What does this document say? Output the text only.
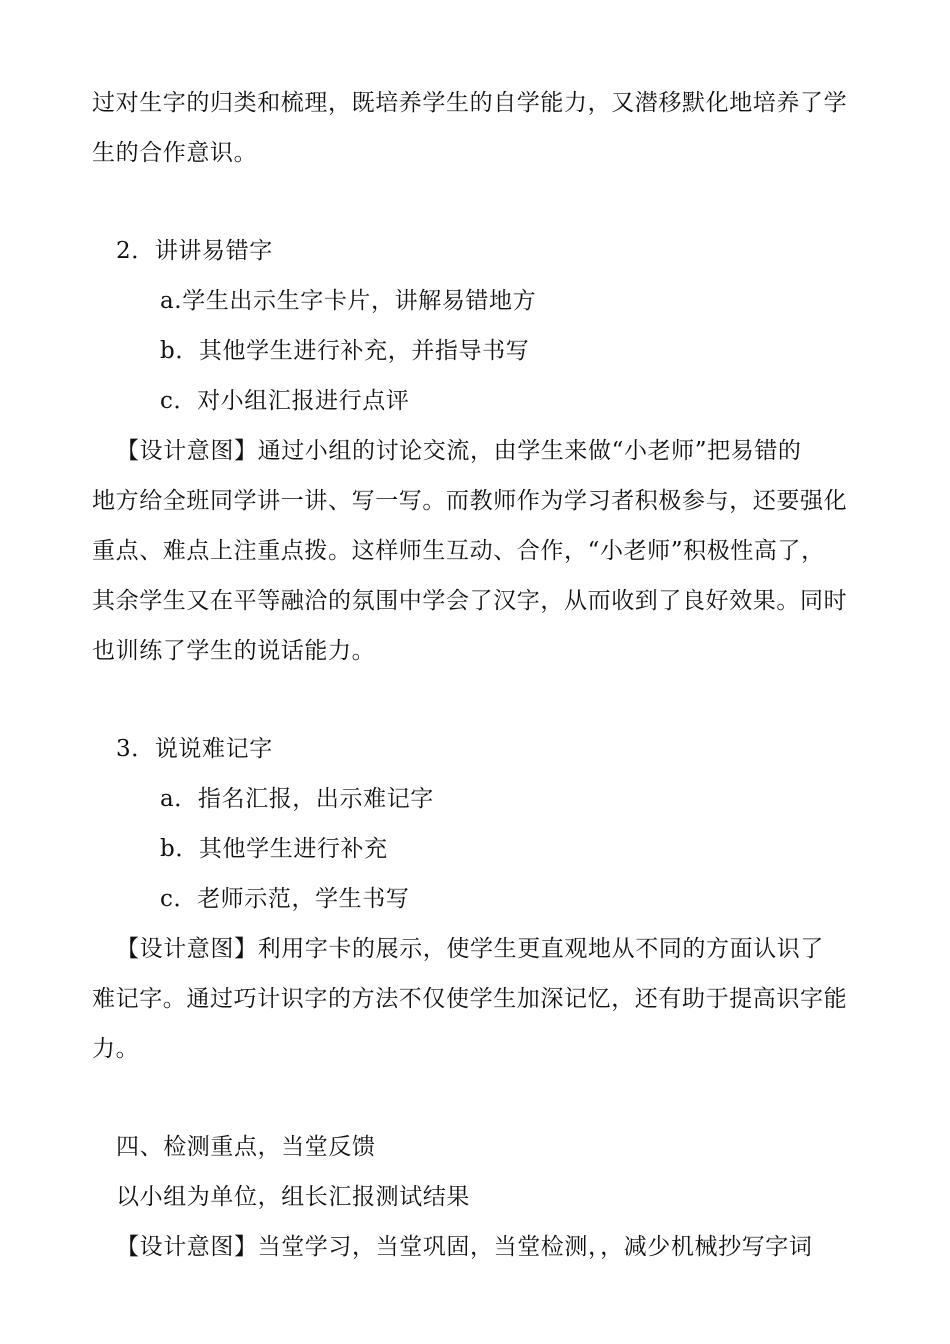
过对生字的归类和梳理，既培养学生的自学能力，又潜移默化地培养了学
生的合作意识。
2．讲讲易错字
a.学生出示生字卡片，讲解易错地方
b．其他学生进行补充，并指导书写
c．对小组汇报进行点评
【设计意图】通过小组的讨论交流，由学生来做“小老师”把易错的
地方给全班同学讲一讲、写一写。而教师作为学习者积极参与，还要强化
重点、难点上注重点拨。这样师生互动、合作，“小老师”积极性高了，
其余学生又在平等融洽的氛围中学会了汉字，从而收到了良好效果。同时
也训练了学生的说话能力。
3．说说难记字
a．指名汇报，出示难记字
b．其他学生进行补充
c．老师示范，学生书写
【设计意图】利用字卡的展示，使学生更直观地从不同的方面认识了
难记字。通过巧计识字的方法不仅使学生加深记忆，还有助于提高识字能
力。
四、检测重点，当堂反馈
以小组为单位，组长汇报测试结果
【设计意图】当堂学习，当堂巩固，当堂检测，，减少机械抄写字词
